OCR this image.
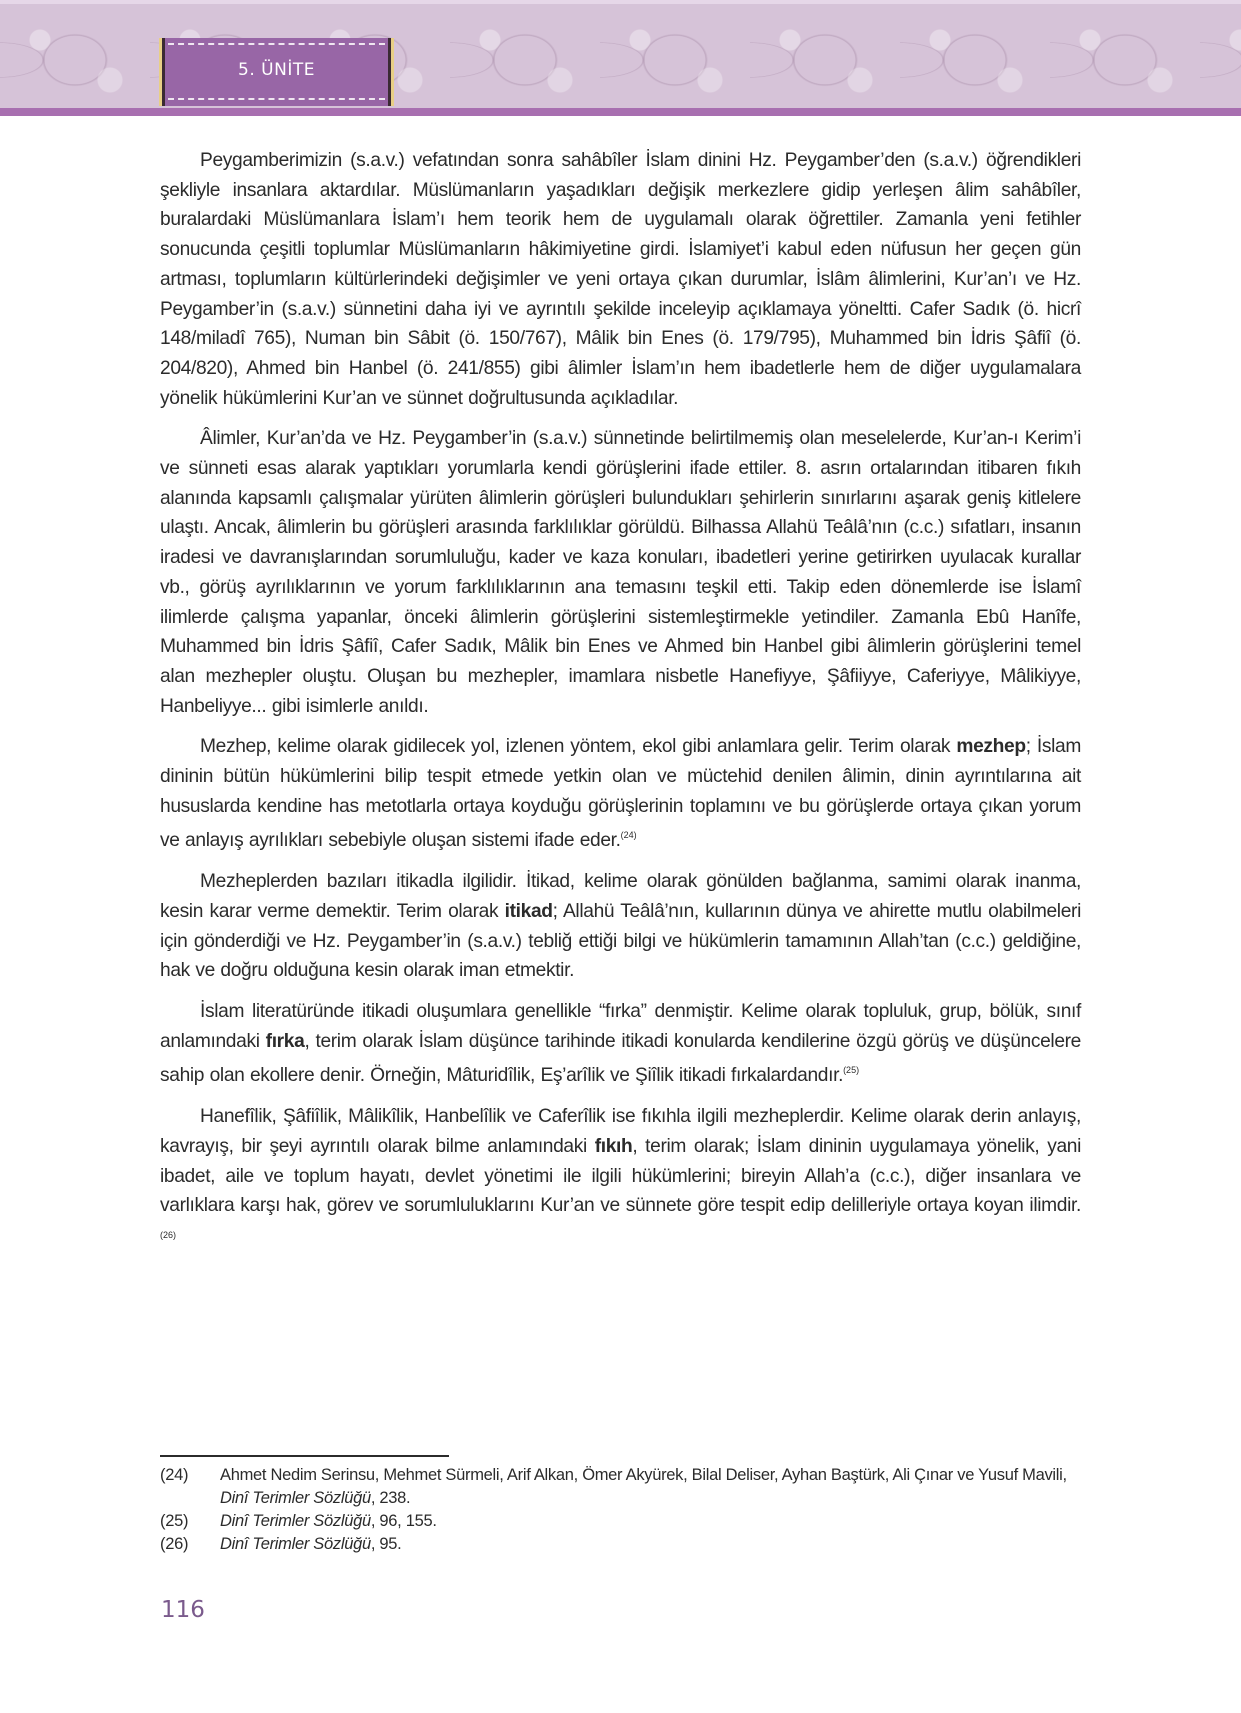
5. ÜNİTE

Peygamberimizin (s.a.v.) vefatından sonra sahâbîler İslam dinini Hz. Peygamber’den (s.a.v.) öğrendikleri şekliyle insanlara aktardılar. Müslümanların yaşadıkları değişik merkezlere gidip yerleşen âlim sahâbîler, buralardaki Müslümanlara İslam’ı hem teorik hem de uygulamalı olarak öğrettiler. Zamanla yeni fetihler sonucunda çeşitli toplumlar Müslümanların hâkimiyetine girdi. İslamiyet’i kabul eden nüfusun her geçen gün artması, toplumların kültürlerindeki değişimler ve yeni ortaya çıkan durumlar, İslâm âlimlerini, Kur’an’ı ve Hz. Peygamber’in (s.a.v.) sünnetini daha iyi ve ayrıntılı şekilde inceleyip açıklamaya yöneltti. Cafer Sadık (ö. hicrî 148/miladî 765), Numan bin Sâbit (ö. 150/767), Mâlik bin Enes (ö. 179/795), Muhammed bin İdris Şâfiî (ö. 204/820), Ahmed bin Hanbel (ö. 241/855) gibi âlimler İslam’ın hem ibadetlerle hem de diğer uygulamalara yönelik hükümlerini Kur’an ve sünnet doğrultusunda açıkladılar.

Âlimler, Kur’an’da ve Hz. Peygamber’in (s.a.v.) sünnetinde belirtilmemiş olan meselelerde, Kur’an-ı Kerim’i ve sünneti esas alarak yaptıkları yorumlarla kendi görüşlerini ifade ettiler. 8. asrın ortalarından itibaren fıkıh alanında kapsamlı çalışmalar yürüten âlimlerin görüşleri bulundukları şehirlerin sınırlarını aşarak geniş kitlelere ulaştı. Ancak, âlimlerin bu görüşleri arasında farklılıklar görüldü. Bilhassa Allahü Teâlâ’nın (c.c.) sıfatları, insanın iradesi ve davranışlarından sorumluluğu, kader ve kaza konuları, ibadetleri yerine getirirken uyulacak kurallar vb., görüş ayrılıklarının ve yorum farklılıklarının ana temasını teşkil etti. Takip eden dönemlerde ise İslamî ilimlerde çalışma yapanlar, önceki âlimlerin görüşlerini sistemleştirmekle yetindiler. Zamanla Ebû Hanîfe, Muhammed bin İdris Şâfiî, Cafer Sadık, Mâlik bin Enes ve Ahmed bin Hanbel gibi âlimlerin görüşlerini temel alan mezhepler oluştu. Oluşan bu mezhepler, imamlara nisbetle Hanefiyye, Şâfiiyye, Caferiyye, Mâlikiyye, Hanbeliyye... gibi isimlerle anıldı.

Mezhep, kelime olarak gidilecek yol, izlenen yöntem, ekol gibi anlamlara gelir. Terim olarak mezhep; İslam dininin bütün hükümlerini bilip tespit etmede yetkin olan ve müctehid denilen âlimin, dinin ayrıntılarına ait hususlarda kendine has metotlarla ortaya koyduğu görüşlerinin toplamını ve bu görüşlerde ortaya çıkan yorum ve anlayış ayrılıkları sebebiyle oluşan sistemi ifade eder.$^{(24)}$

Mezheplerden bazıları itikadla ilgilidir. İtikad, kelime olarak gönülden bağlanma, samimi olarak inanma, kesin karar verme demektir. Terim olarak itikad; Allahü Teâlâ’nın, kullarının dünya ve ahirette mutlu olabilmeleri için gönderdiği ve Hz. Peygamber’in (s.a.v.) tebliğ ettiği bilgi ve hükümlerin tamamının Allah’tan (c.c.) geldiğine, hak ve doğru olduğuna kesin olarak iman etmektir.

İslam literatüründe itikadi oluşumlara genellikle “fırka” denmiştir. Kelime olarak topluluk, grup, bölük, sınıf anlamındaki fırka, terim olarak İslam düşünce tarihinde itikadi konularda kendilerine özgü görüş ve düşüncelere sahip olan ekollere denir. Örneğin, Mâturidîlik, Eş’arîlik ve Şiîlik itikadi fırkalardandır.$^{(25)}$

Hanefîlik, Şâfiîlik, Mâlikîlik, Hanbelîlik ve Caferîlik ise fıkıhla ilgili mezheplerdir. Kelime olarak derin anlayış, kavrayış, bir şeyi ayrıntılı olarak bilme anlamındaki fıkıh, terim olarak; İslam dininin uygulamaya yönelik, yani ibadet, aile ve toplum hayatı, devlet yönetimi ile ilgili hükümlerini; bireyin Allah’a (c.c.), diğer insanlara ve varlıklara karşı hak, görev ve sorumluluklarını Kur’an ve sünnete göre tespit edip delilleriyle ortaya koyan ilimdir.$^{(26)}$

(24)	Ahmet Nedim Serinsu, Mehmet Sürmeli, Arif Alkan, Ömer Akyürek, Bilal Deliser, Ayhan Baştürk, Ali Çınar ve Yusuf Mavili, Dinî Terimler Sözlüğü, 238.
(25)	Dinî Terimler Sözlüğü, 96, 155.
(26)	Dinî Terimler Sözlüğü, 95.
116
